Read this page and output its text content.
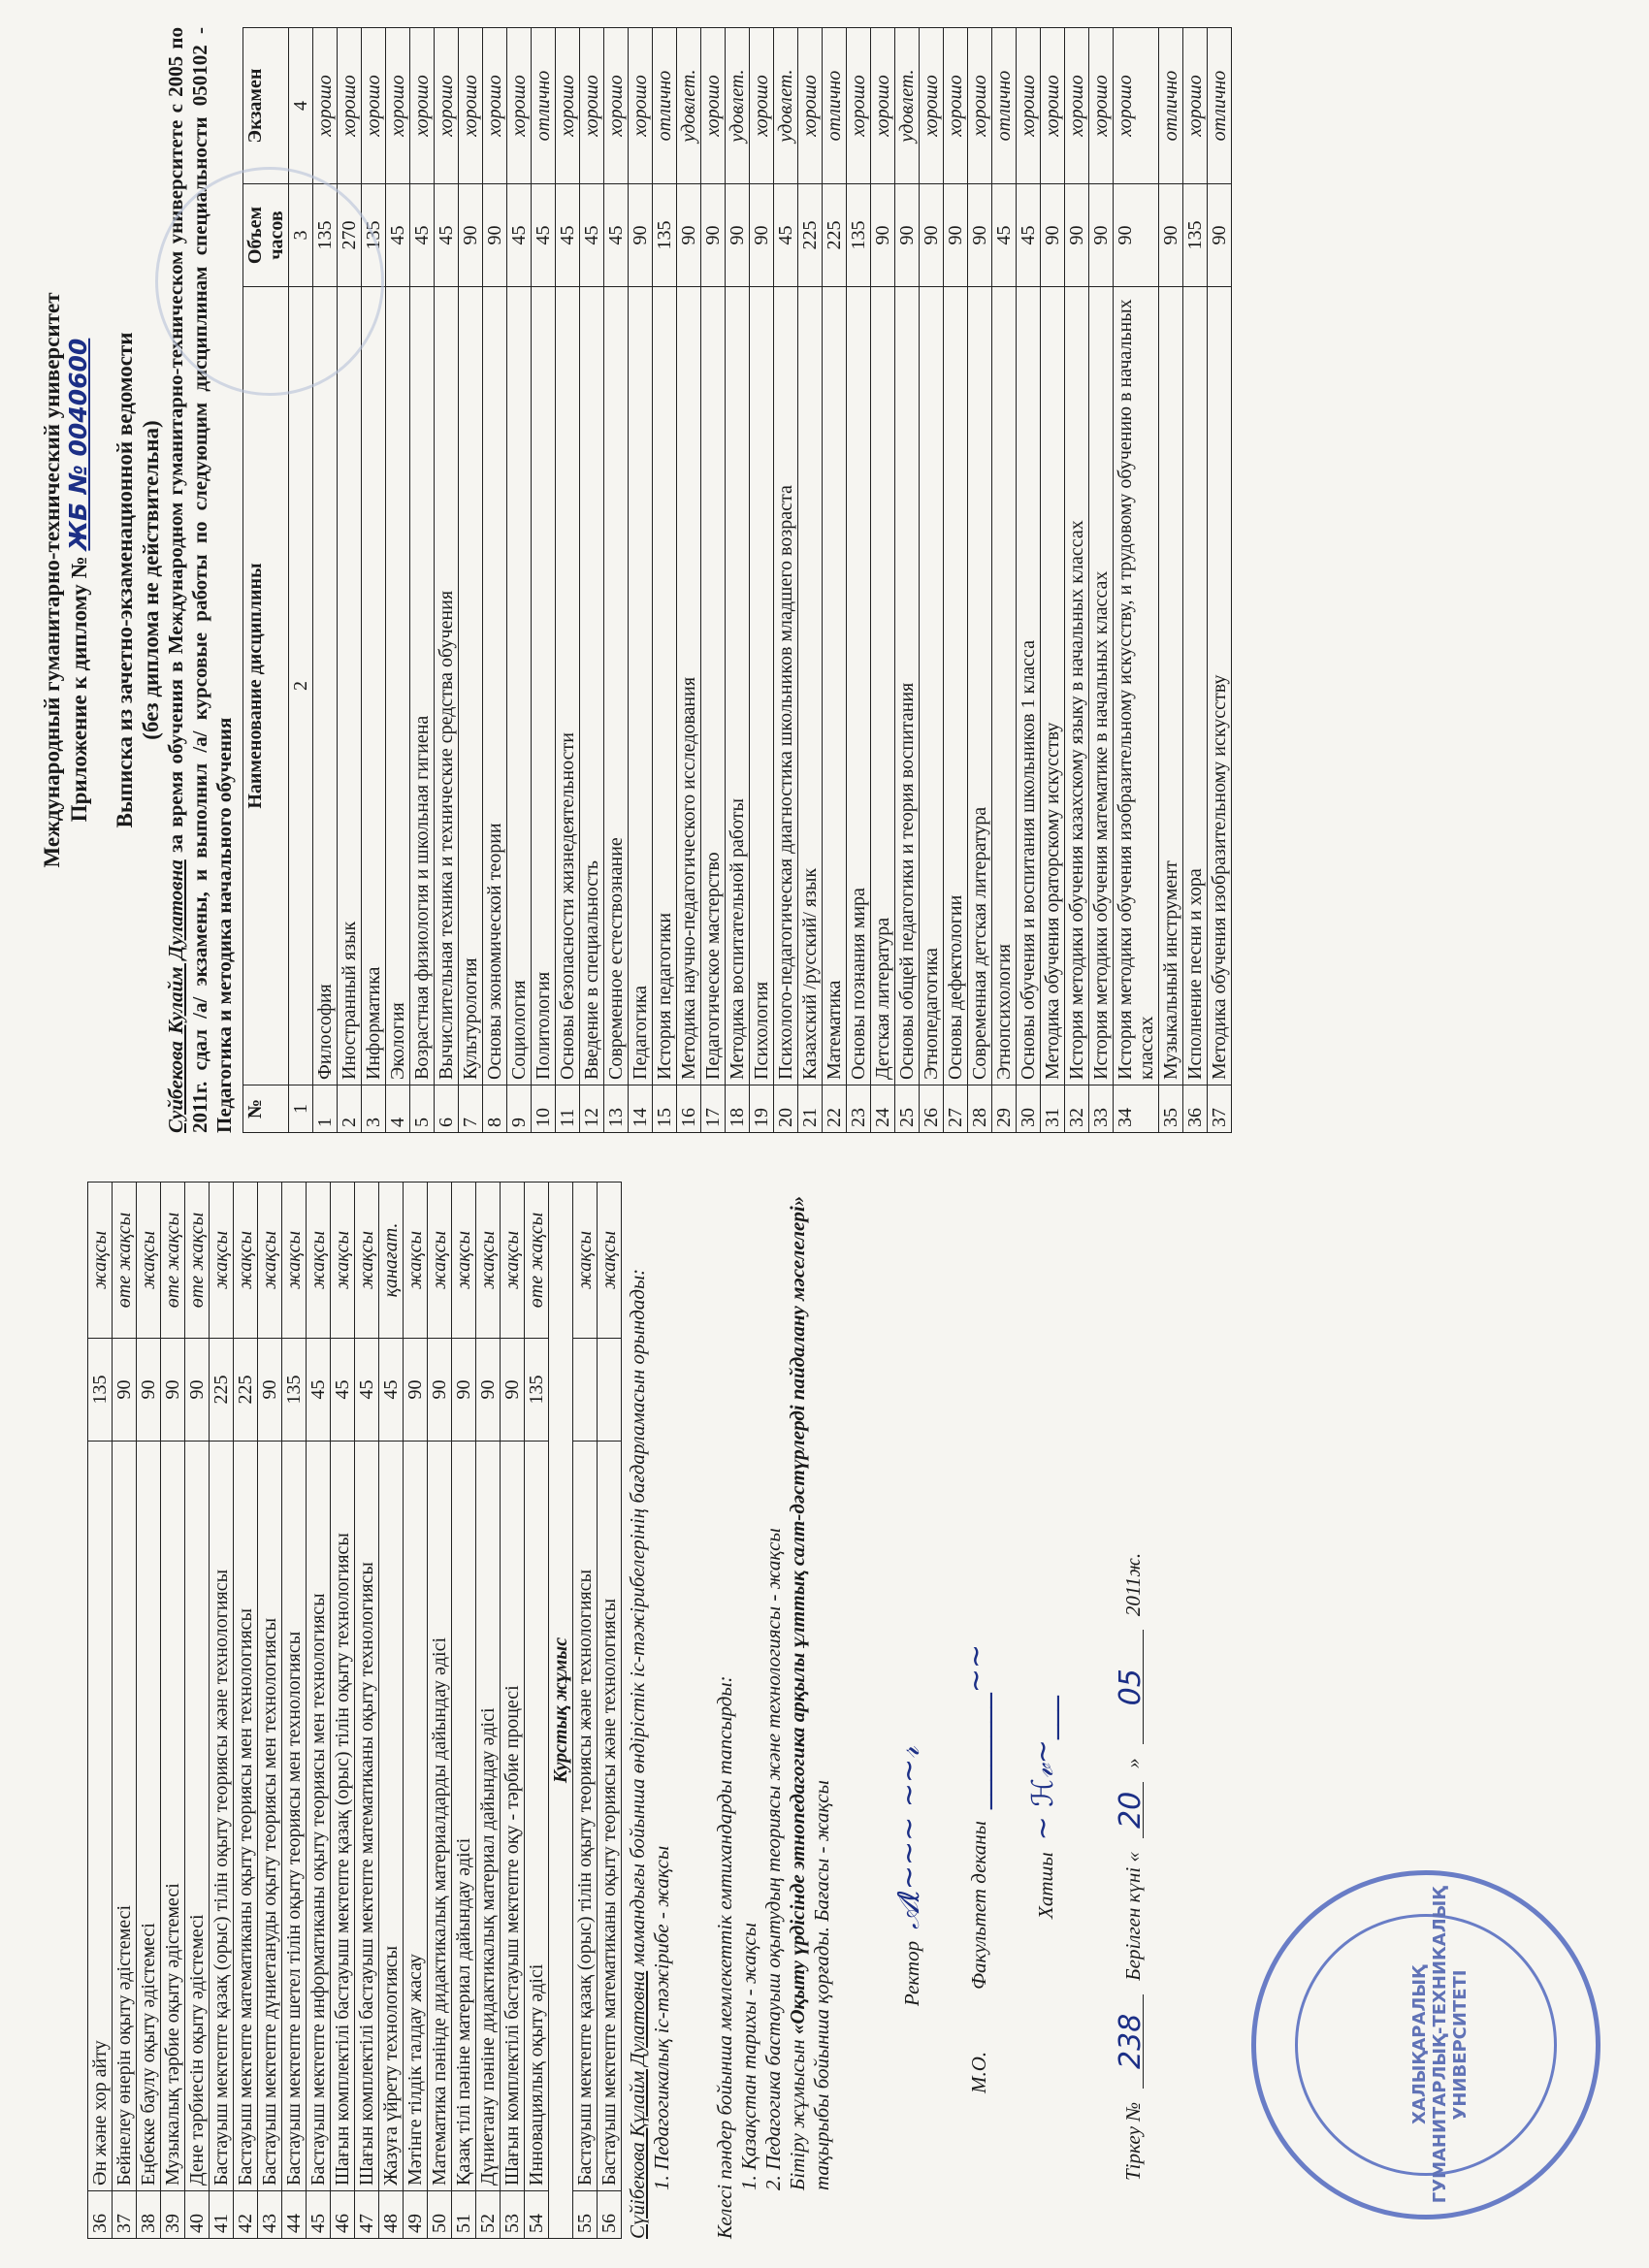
36	Ән және хор айту	135	жақсы
37	Бейнелеу өнерін оқыту әдістемесі	90	өте жақсы
38	Еңбекке баулу оқыту әдістемесі	90	жақсы
39	Музыкалық тәрбие оқыту әдістемесі	90	өте жақсы
40	Дене тәрбиесін оқыту әдістемесі	90	өте жақсы
41	Бастауыш мектепте қазақ (орыс) тілін оқыту теориясы және технологиясы	225	жақсы
42	Бастауыш мектепте математиканы оқыту теориясы мен технологиясы	225	жақсы
43	Бастауыш мектепте дүниетануды оқыту теориясы мен технологиясы	90	жақсы
44	Бастауыш мектепте шетел тілін оқыту теориясы мен технологиясы	135	жақсы
45	Бастауыш мектепте информатиканы оқыту теориясы мен технологиясы	45	жақсы
46	Шағын комплектілі бастауыш мектепте қазақ (орыс) тілін оқыту технологиясы	45	жақсы
47	Шағын комплектілі бастауыш мектепте математиканы оқыту технологиясы	45	жақсы
48	Жазуға үйрету технологиясы	45	қанағат.
49	Мәтінге тілдік талдау жасау	90	жақсы
50	Математика пәнінде дидактикалық материалдарды дайындау әдісі	90	жақсы
51	Қазақ тілі пәніне материал дайындау әдісі	90	жақсы
52	Дүниетану пәніне дидактикалық материал дайындау әдісі	90	жақсы
53	Шағын комплектілі бастауыш мектепте оқу - тәрбие процесі	90	жақсы
54	Инновациялық оқыту әдісі	135	өте жақсы
Курстық жұмыс			
55	Бастауыш мектепте қазақ (орыс) тілін оқыту теориясы және технологиясы		жақсы
56	Бастауыш мектепте математиканы оқыту теориясы және технологиясы		жақсы

Сүйібекова Құлайм Дулатовна мамандығы бойынша өндірістік іс-тәжірибелерінің бағдарламасын орындады:

1. Педагогикалық іс-тәжірибе - жақсы Келесі пәндер бойынша мемлекеттік емтихандарды тапсырды: 1. Қазақстан тарихы - жақсы 2. Педагогика бастауыш оқытудың теориясы және технологиясы - жақсы Бітіру жұмысын «Оқыту үрдісінде этнопедагогика арқылы ұлттық салт-дәстүрлерді пайдалану мәселелері» тақырыбы бойынша қорғады. Бағасы - жақсы	Ректор
𝒜ℓ~~~ ~~𝓇
М.О.
Факультет деканы
________~~
Хатшы
~ ℋ𝓋~___
Тіркеу №
238
Берілген күні «
20
»
05
2011ж.
ХАЛЫҚАРАЛЫҚ ГУМАНИТАРЛЫҚ-ТЕХНИКАЛЫҚ УНИВЕРСИТЕТІ

Международный гуманитарно-технический университет Приложение к диплому № ЖБ № 0040600 Выписка из зачетно-экзаменационной ведомости (без диплома не действительна)

Суйбекова Кулайм Дулатовна за время обучения в Международном гуманитарно-техническом университете с 2005 по 2011г. сдал /а/ экзамены, и выполнил /а/ курсовые работы по следующим дисциплинам специальности 050102 - Педагогика и методика начального обучения №	Наименование дисциплины	Объем часов	Экзамен
1	2	3	4
1	Философия	135	хорошо
2	Иностранный язык	270	хорошо
3	Информатика	135	хорошо
4	Экология	45	хорошо
5	Возрастная физиология и школьная гигиена	45	хорошо
6	Вычислительная техника и технические средства обучения	45	хорошо
7	Культурология	90	хорошо
8	Основы экономической теории	90	хорошо
9	Социология	45	хорошо
10	Политология	45	отлично
11	Основы безопасности жизнедеятельности	45	хорошо
12	Введение в специальность	45	хорошо
13	Современное естествознание	45	хорошо
14	Педагогика	90	хорошо
15	История педагогики	135	отлично
16	Методика научно-педагогического исследования	90	удовлет.
17	Педагогическое мастерство	90	хорошо
18	Методика воспитательной работы	90	удовлет.
19	Психология	90	хорошо
20	Психолого-педагогическая диагностика школьников младшего возраста	45	удовлет.
21	Казахский /русский/ язык	225	хорошо
22	Математика	225	отлично
23	Основы познания мира	135	хорошо
24	Детская литература	90	хорошо
25	Основы общей педагогики и теория воспитания	90	удовлет.
26	Этнопедагогика	90	хорошо
27	Основы дефектологии	90	хорошо
28	Современная детская литература	90	хорошо
29	Этнопсихология	45	отлично
30	Основы обучения и воспитания школьников 1 класса	45	хорошо
31	Методика обучения ораторскому искусству	90	хорошо
32	История методики обучения казахскому языку в начальных классах	90	хорошо
33	История методики обучения математике в начальных классах	90	хорошо
34	История методики обучения изобразительному искусству, и трудовому обучению в начальных классах	90	хорошо
35	Музыкальный инструмент	90	отлично
36	Исполнение песни и хора	135	хорошо
37	Методика обучения изобразительному искусству	90	отлично
